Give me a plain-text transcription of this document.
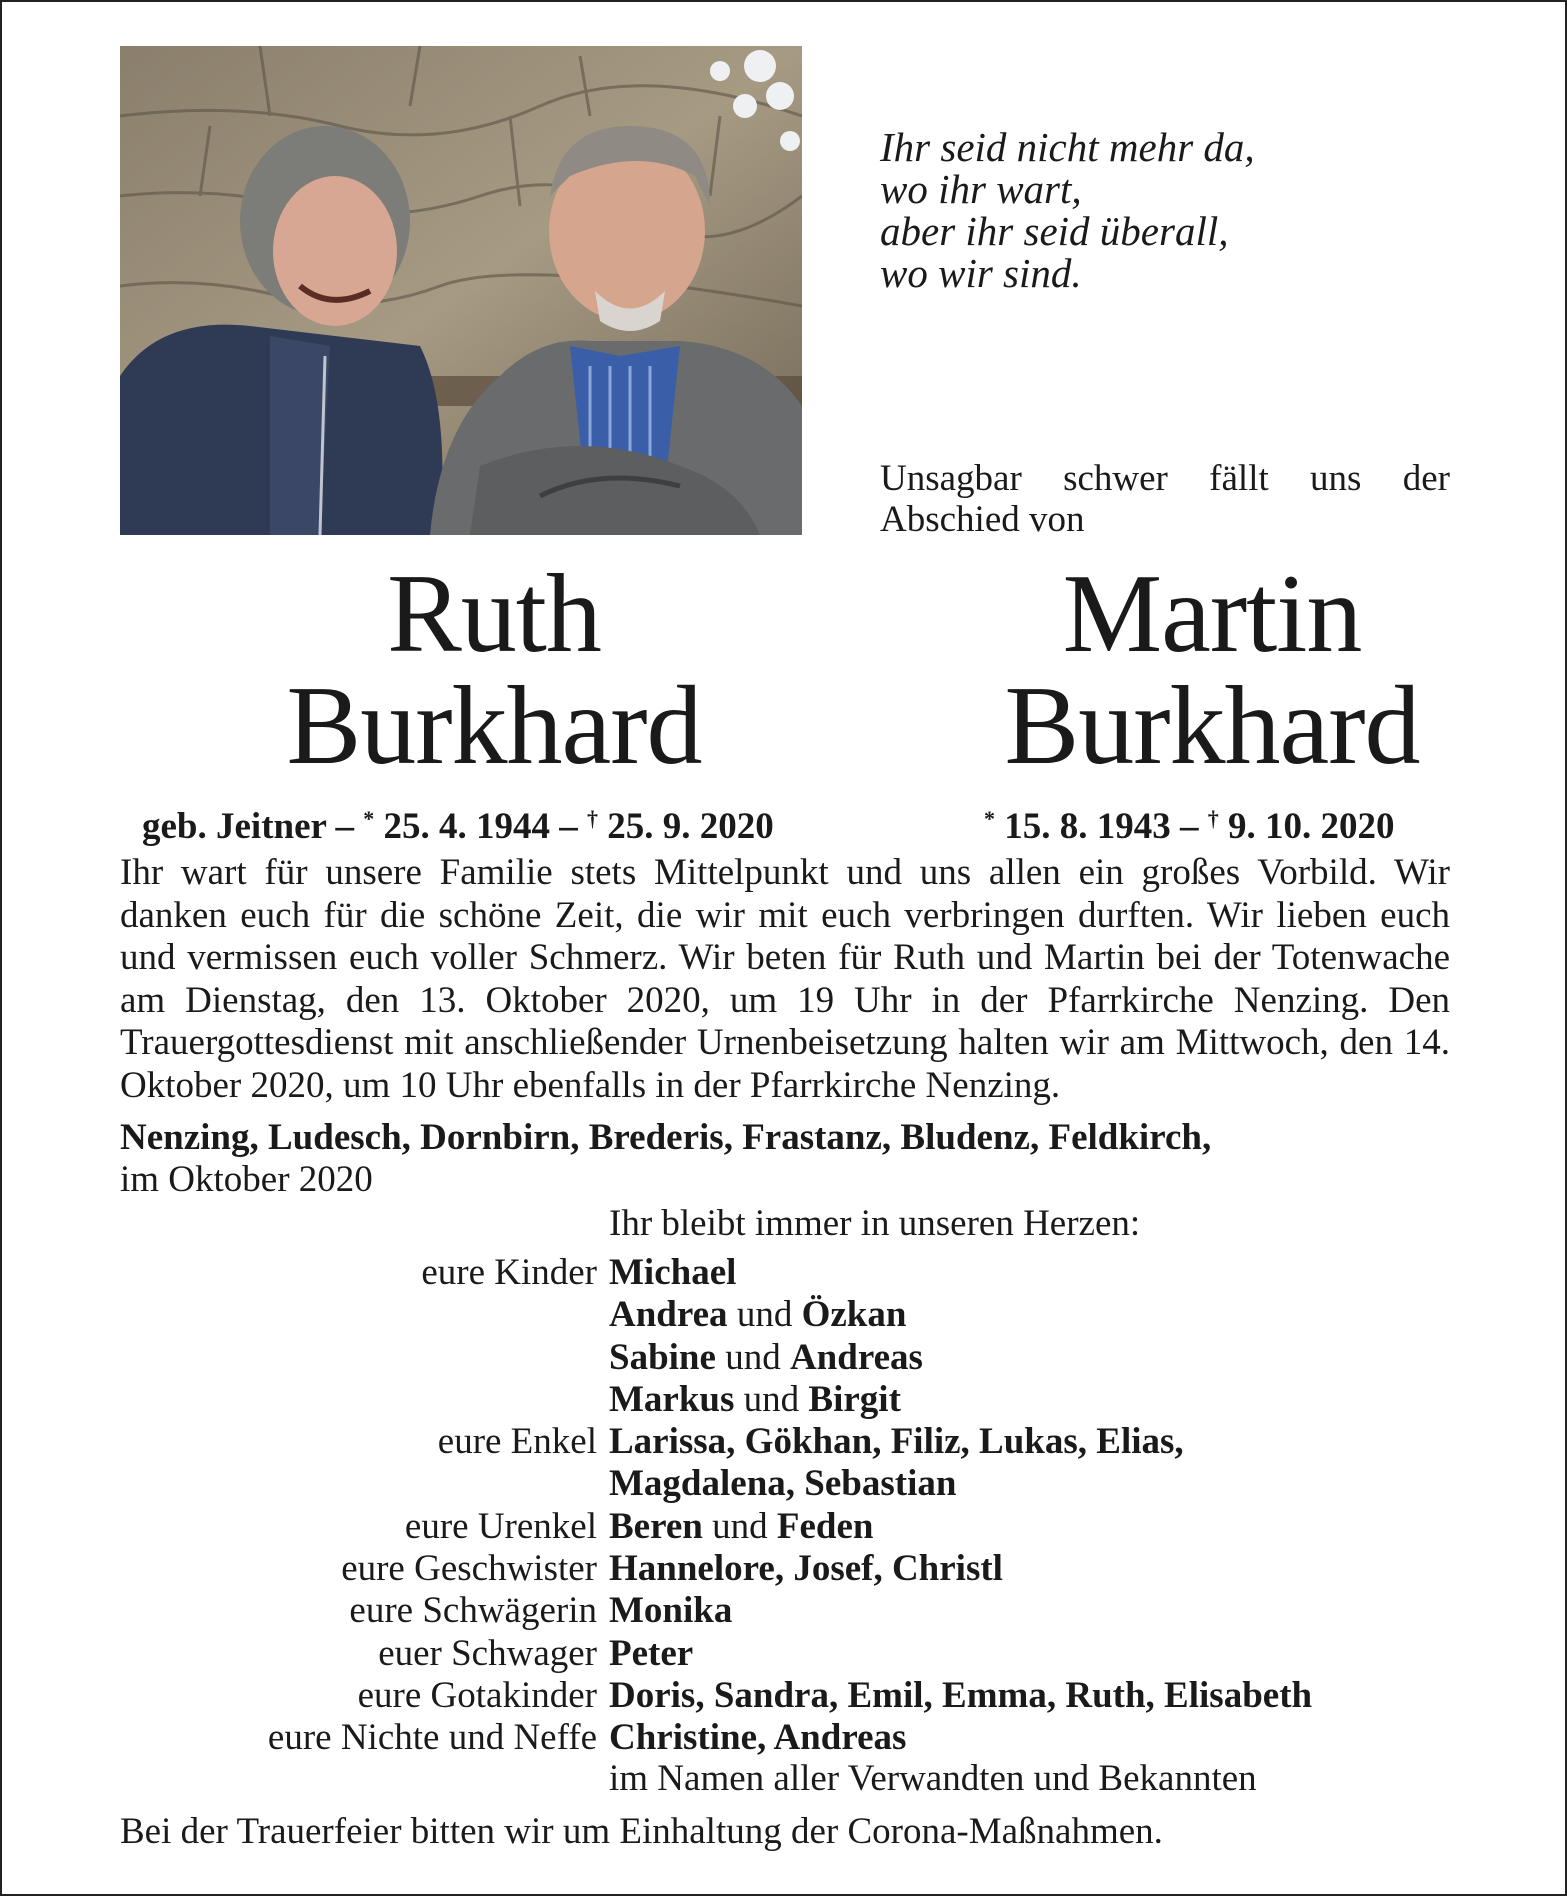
Ihr seid nicht mehr da,
wo ihr wart,
aber ihr seid überall,
wo wir sind.
Unsagbar schwer fällt uns der Abschied von
Ruth
Burkhard
Martin
Burkhard
geb. Jeitner – * 25. 4. 1944 – † 25. 9. 2020	* 15. 8. 1943 – † 9. 10. 2020
Ihr wart für unsere Familie stets Mittelpunkt und uns allen ein großes Vorbild. Wir danken euch für die schöne Zeit, die wir mit euch verbringen durften. Wir lieben euch und vermissen euch voller Schmerz. Wir beten für Ruth und Martin bei der Totenwache am Dienstag, den 13. Oktober 2020, um 19 Uhr in der Pfarrkirche Nenzing. Den Trauergottesdienst mit anschließender Urnenbeisetzung halten wir am Mittwoch, den 14. Oktober 2020, um 10 Uhr ebenfalls in der Pfarrkirche Nenzing.
Nenzing, Ludesch, Dornbirn, Brederis, Frastanz, Bludenz, Feldkirch,
im Oktober 2020
Ihr bleibt immer in unseren Herzen:
eure Kinder Michael
Andrea und Özkan
Sabine und Andreas
Markus und Birgit
eure Enkel Larissa, Gökhan, Filiz, Lukas, Elias,
Magdalena, Sebastian
eure Urenkel Beren und Feden
eure Geschwister Hannelore, Josef, Christl
eure Schwägerin Monika
euer Schwager Peter
eure Gotakinder Doris, Sandra, Emil, Emma, Ruth, Elisabeth
eure Nichte und Neffe Christine, Andreas
im Namen aller Verwandten und Bekannten
Bei der Trauerfeier bitten wir um Einhaltung der Corona-Maßnahmen.
